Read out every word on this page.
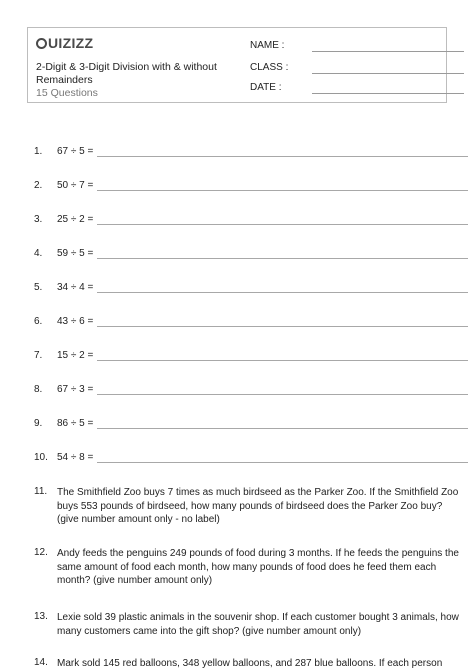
UIZIZZ
2-Digit & 3-Digit Division with & without Remainders
15 Questions
NAME :
CLASS :
DATE :
1.	67 ÷ 5 =
2.	50 ÷ 7 =
3.	25 ÷ 2 =
4.	59 ÷ 5 =
5.	34 ÷ 4 =
6.	43 ÷ 6 =
7.	15 ÷ 2 =
8.	67 ÷ 3 =
9.	86 ÷ 5 =
10. 54 ÷ 8 =
11. The Smithfield Zoo buys 7 times as much birdseed as the Parker Zoo. If the Smithfield Zoo buys 553 pounds of birdseed, how many pounds of birdseed does the Parker Zoo buy? (give number amount only - no label)
12. Andy feeds the penguins 249 pounds of food during 3 months. If he feeds the penguins the same amount of food each month, how many pounds of food does he feed them each month? (give number amount only)
13. Lexie sold 39 plastic animals in the souvenir shop. If each customer bought 3 animals, how many customers came into the gift shop? (give number amount only)
14. Mark sold 145 red balloons, 348 yellow balloons, and 287 blue balloons. If each person
